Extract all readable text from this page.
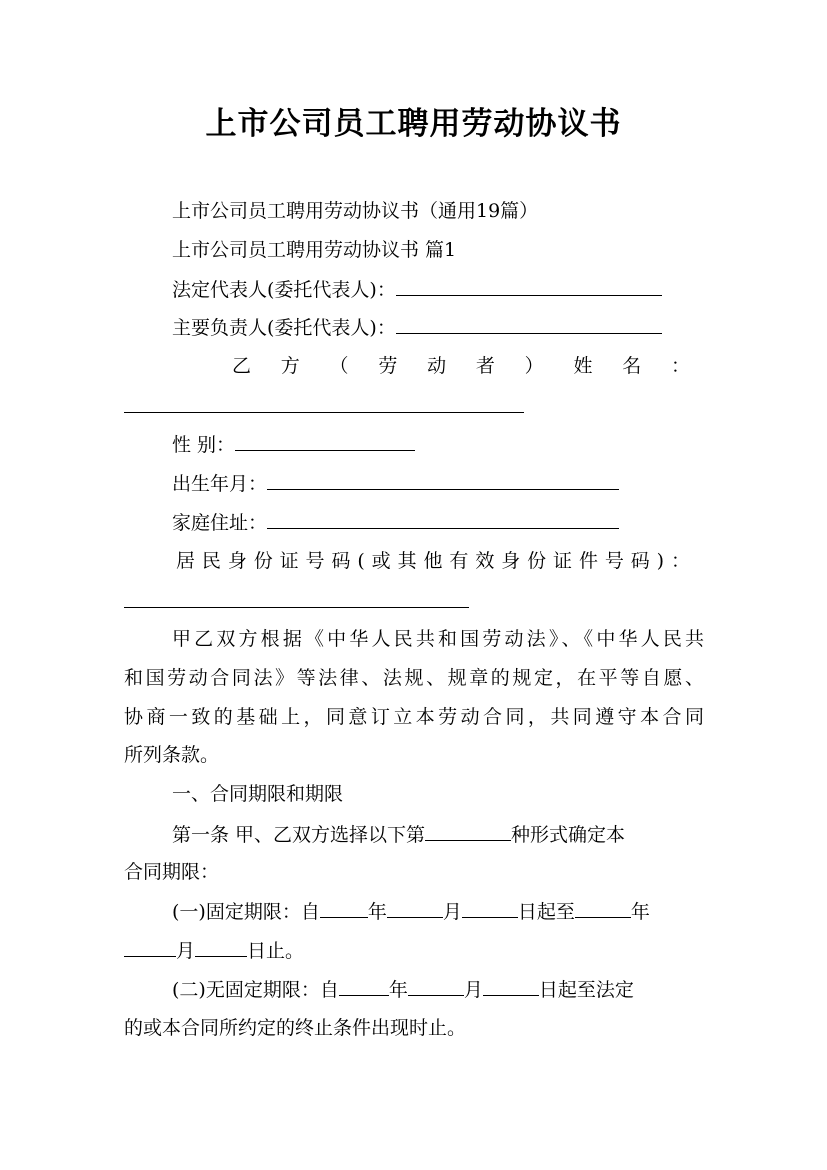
上市公司员工聘用劳动协议书
上市公司员工聘用劳动协议书（通用19篇）
上市公司员工聘用劳动协议书 篇1
法定代表人(委托代表人)：
主要负责人(委托代表人)：
乙 方 （ 劳 动 者 ） 姓 名 ：
性 别：
出生年月：
家庭住址：
居民身份证号码(或其他有效身份证件号码)：
甲乙双方根据《中华人民共和国劳动法》、《中华人民共
和国劳动合同法》等法律、法规、规章的规定，在平等自愿、
协商一致的基础上，同意订立本劳动合同，共同遵守本合同
所列条款。
一、合同期限和期限
第一条 甲、乙双方选择以下第	种形式确定本
合同期限：
(一)固定期限：自	年	月	日起至	年
月	日止。
(二)无固定期限：自	年	月	日起至法定
的或本合同所约定的终止条件出现时止。
